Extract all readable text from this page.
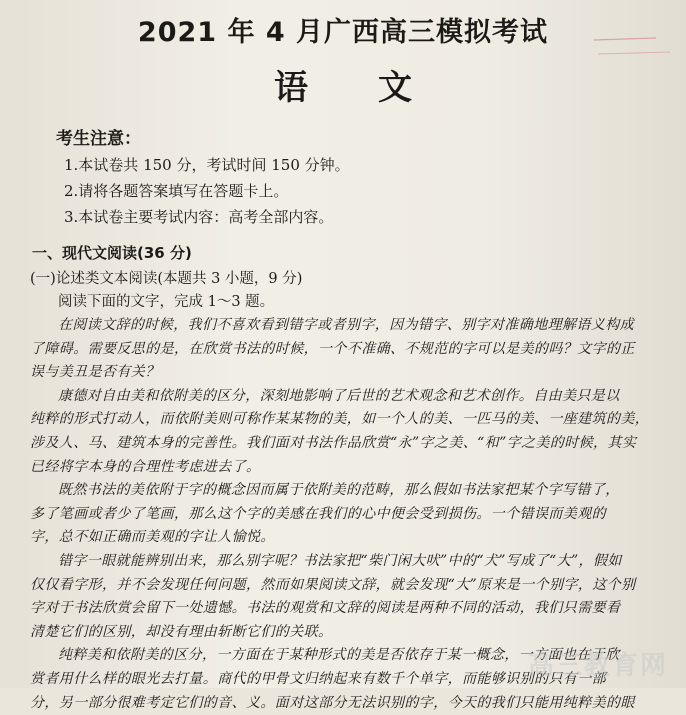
2021 年 4 月广西高三模拟考试
语 文
考生注意：
1.本试卷共 150 分，考试时间 150 分钟。
2.请将各题答案填写在答题卡上。
3.本试卷主要考试内容：高考全部内容。
一、现代文阅读(36 分)
(一)论述类文本阅读(本题共 3 小题，9 分)
阅读下面的文字，完成 1～3 题。
在阅读文辞的时候，我们不喜欢看到错字或者别字，因为错字、别字对准确地理解语义构成
了障碍。需要反思的是，在欣赏书法的时候，一个不准确、不规范的字可以是美的吗？文字的正
误与美丑是否有关？
康德对自由美和依附美的区分，深刻地影响了后世的艺术观念和艺术创作。自由美只是以
纯粹的形式打动人，而依附美则可称作某某物的美，如一个人的美、一匹马的美、一座建筑的美，
涉及人、马、建筑本身的完善性。我们面对书法作品欣赏“永”字之美、“和”字之美的时候，其实
已经将字本身的合理性考虑进去了。
既然书法的美依附于字的概念因而属于依附美的范畴，那么假如书法家把某个字写错了，
多了笔画或者少了笔画，那么这个字的美感在我们的心中便会受到损伤。一个错误而美观的
字，总不如正确而美观的字让人愉悦。
错字一眼就能辨别出来，那么别字呢？书法家把“柴门闲大吠”中的“犬”写成了“大”，假如
仅仅看字形，并不会发现任何问题，然而如果阅读文辞，就会发现“大”原来是一个别字，这个别
字对于书法欣赏会留下一处遗憾。书法的观赏和文辞的阅读是两种不同的活动，我们只需要看
清楚它们的区别，却没有理由斩断它们的关联。
纯粹美和依附美的区分，一方面在于某种形式的美是否依存于某一概念，一方面也在于欣
赏者用什么样的眼光去打量。商代的甲骨文归纳起来有数千个单字，而能够识别的只有一部
分，另一部分很难考定它们的音、义。面对这部分无法识别的字，今天的我们只能用纯粹美的眼
高三教育网
